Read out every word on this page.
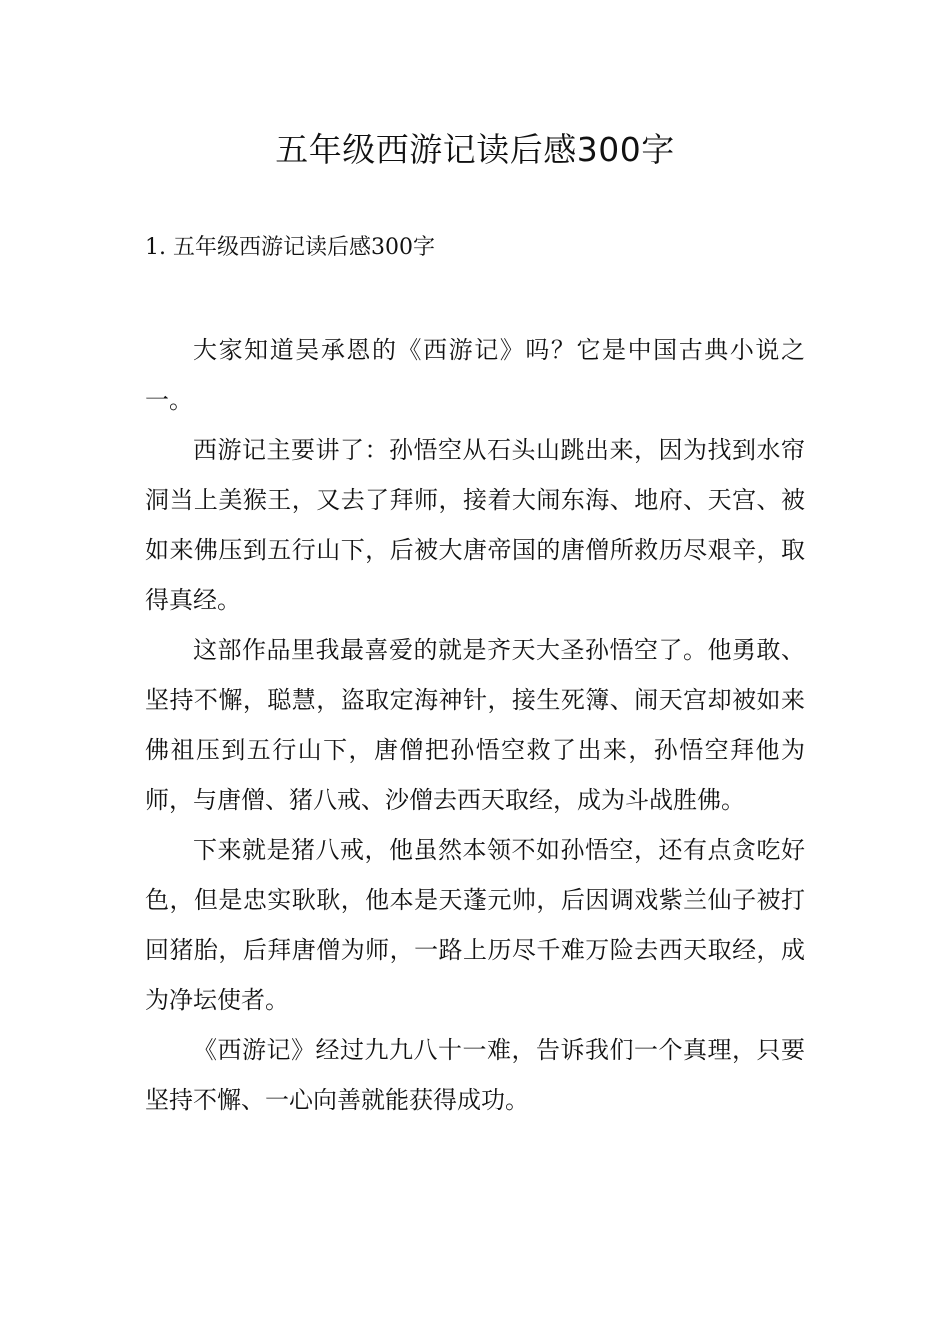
五年级西游记读后感300字
1. 五年级西游记读后感300字

大家知道吴承恩的《西游记》吗？它是中国古典小说之一。

西游记主要讲了：孙悟空从石头山跳出来，因为找到水帘洞当上美猴王，又去了拜师，接着大闹东海、地府、天宫、被如来佛压到五行山下，后被大唐帝国的唐僧所救历尽艰辛，取得真经。

这部作品里我最喜爱的就是齐天大圣孙悟空了。他勇敢、坚持不懈，聪慧，盗取定海神针，接生死簿、闹天宫却被如来佛祖压到五行山下，唐僧把孙悟空救了出来，孙悟空拜他为师，与唐僧、猪八戒、沙僧去西天取经，成为斗战胜佛。

下来就是猪八戒，他虽然本领不如孙悟空，还有点贪吃好色，但是忠实耿耿，他本是天蓬元帅，后因调戏紫兰仙子被打回猪胎，后拜唐僧为师，一路上历尽千难万险去西天取经，成为净坛使者。

《西游记》经过九九八十一难，告诉我们一个真理，只要坚持不懈、一心向善就能获得成功。
